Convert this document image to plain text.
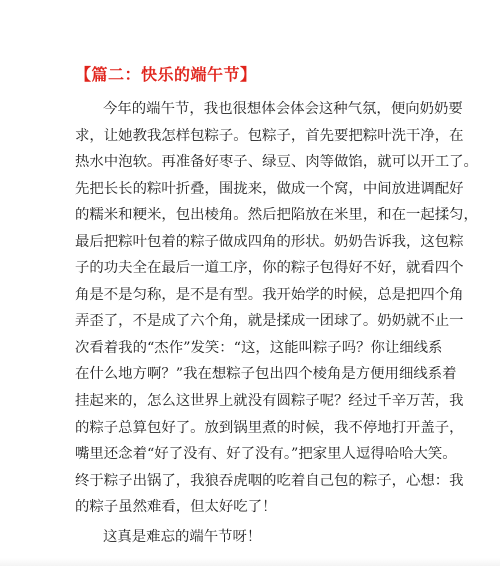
【篇二：快乐的端午节】
今年的端午节，我也很想体会体会这种气氛，便向奶奶要
求，让她教我怎样包粽子。包粽子，首先要把粽叶洗干净，在
热水中泡软。再准备好枣子、绿豆、肉等做馅，就可以开工了。
先把长长的粽叶折叠，围拢来，做成一个窝，中间放进调配好
的糯米和粳米，包出棱角。然后把陷放在米里，和在一起揉匀，
最后把粽叶包着的粽子做成四角的形状。奶奶告诉我，这包粽
子的功夫全在最后一道工序，你的粽子包得好不好，就看四个
角是不是匀称，是不是有型。我开始学的时候，总是把四个角
弄歪了，不是成了六个角，就是揉成一团球了。奶奶就不止一
次看着我的“杰作”发笑：“这，这能叫粽子吗？你让细线系
在什么地方啊？”我在想粽子包出四个棱角是方便用细线系着
挂起来的，怎么这世界上就没有圆粽子呢？经过千辛万苦，我
的粽子总算包好了。放到锅里煮的时候，我不停地打开盖子，
嘴里还念着“好了没有、好了没有。”把家里人逗得哈哈大笑。
终于粽子出锅了，我狼吞虎咽的吃着自己包的粽子，心想：我
的粽子虽然难看，但太好吃了！
这真是难忘的端午节呀！
